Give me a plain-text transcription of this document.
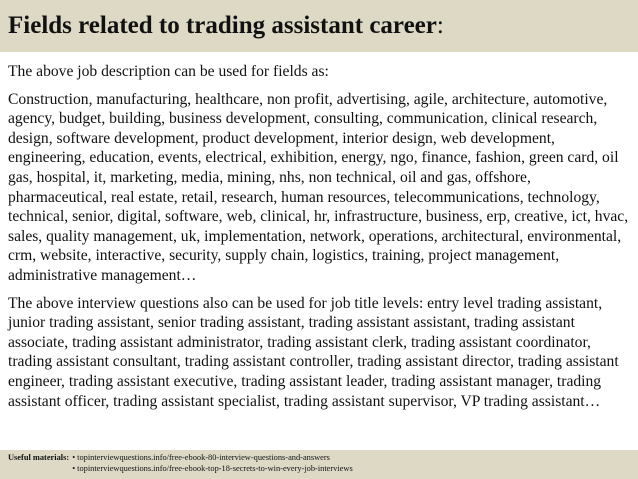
Fields related to trading assistant career:

The above job description can be used for fields as:

Construction, manufacturing, healthcare, non profit, advertising, agile, architecture, automotive, agency, budget, building, business development, consulting, communication, clinical research, design, software development, product development, interior design, web development, engineering, education, events, electrical, exhibition, energy, ngo, finance, fashion, green card, oil gas, hospital, it, marketing, media, mining, nhs, non technical, oil and gas, offshore, pharmaceutical, real estate, retail, research, human resources, telecommunications, technology, technical, senior, digital, software, web, clinical, hr, infrastructure, business, erp, creative, ict, hvac, sales, quality management, uk, implementation, network, operations, architectural, environmental, crm, website, interactive, security, supply chain, logistics, training, project management, administrative management…

The above interview questions also can be used for job title levels: entry level trading assistant, junior trading assistant, senior trading assistant, trading assistant assistant, trading assistant associate, trading assistant administrator, trading assistant clerk, trading assistant coordinator, trading assistant consultant, trading assistant controller, trading assistant director, trading assistant engineer, trading assistant executive, trading assistant leader, trading assistant manager, trading assistant officer, trading assistant specialist, trading assistant supervisor, VP trading assistant…

Useful materials: • topinterviewquestions.info/free-ebook-80-interview-questions-and-answers
• topinterviewquestions.info/free-ebook-top-18-secrets-to-win-every-job-interviews
